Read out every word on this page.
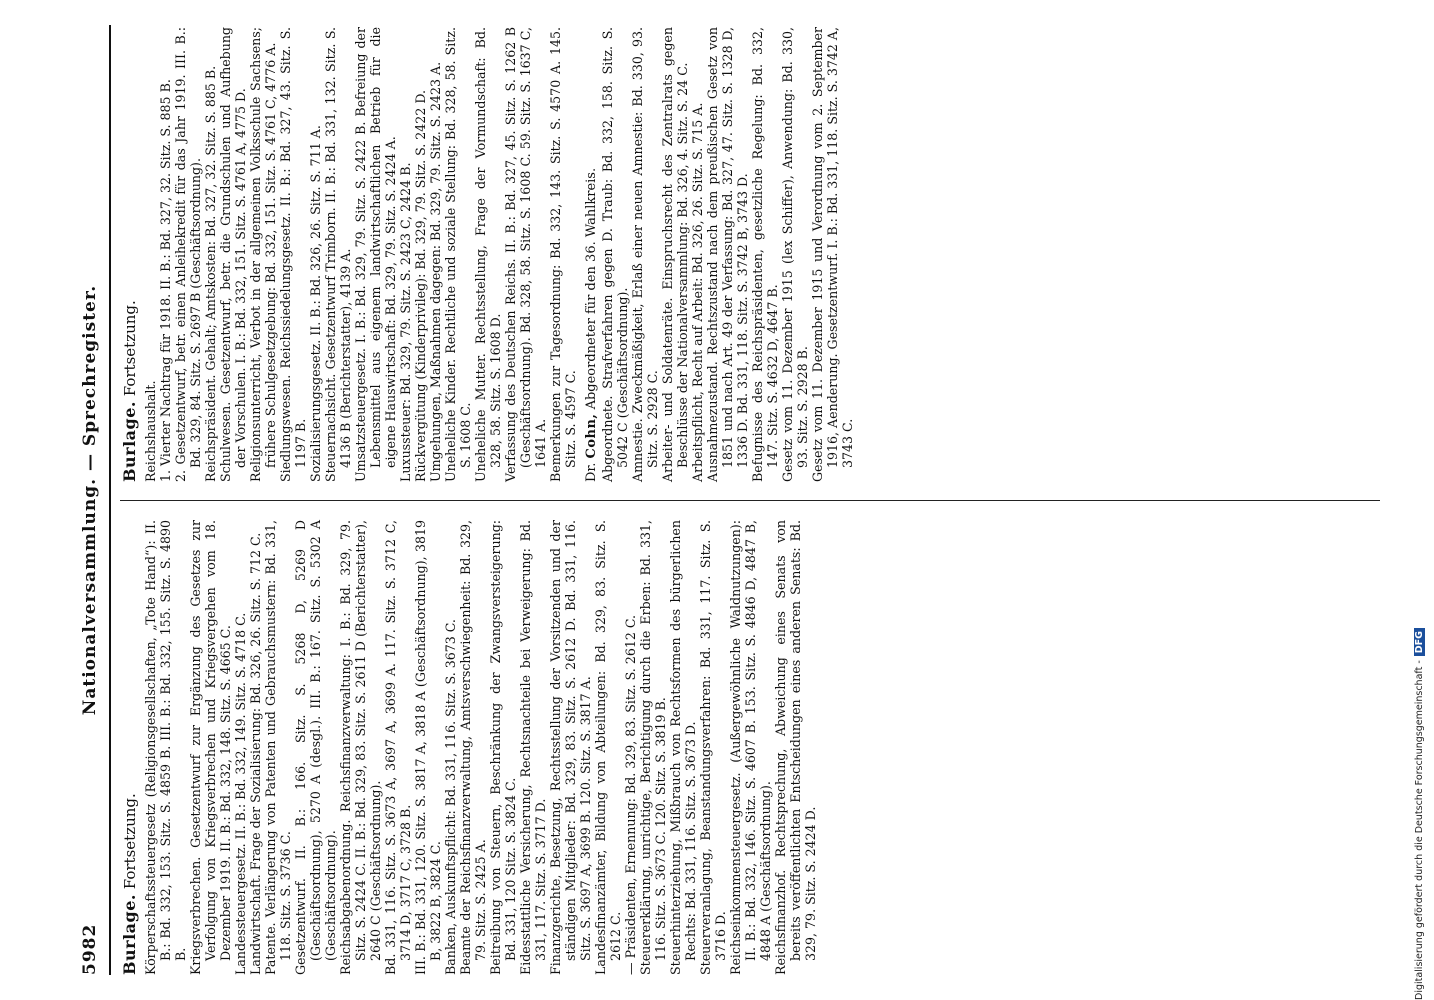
5982
Nationalversammlung. — Sprechregister.
Burlage. Fortsetzung. Körperschaftssteuergesetz (Religionsgesellschaften, „Tote Hand“): II. B.: Bd. 332, 153. Sitz. S. 4859 B. III. B.: Bd. 332, 155. Sitz. S. 4890 B. Kriegsverbrechen. Gesetzentwurf zur Ergänzung des Gesetzes zur Verfolgung von Kriegsverbrechen und Kriegsvergehen vom 18. Dezember 1919. II. B.: Bd. 332, 148. Sitz. S. 4665 C. Landessteuergesetz. II. B.: Bd. 332, 149. Sitz. S. 4718 C. Landwirtschaft. Frage der Sozialisierung: Bd. 326, 26. Sitz. S. 712 C. Patente. Verlängerung von Patenten und Gebrauchsmustern: Bd. 331, 118. Sitz. S. 3736 C. Gesetzentwurf. II. B.: 166. Sitz. S. 5268 D, 5269 D (Geschäftsordnung), 5270 A (desgl.). III. B.: 167. Sitz. S. 5302 A (Geschäftsordnung). Reichsabgabenordnung. Reichsfinanzverwaltung: I. B.: Bd. 329, 79. Sitz. S. 2424 C. II. B.: Bd. 329, 83. Sitz. S. 2611 D (Berichterstatter), 2640 C (Geschäftsordnung). Bd. 331, 116. Sitz. S. 3673 A, 3697 A, 3699 A. 117. Sitz. S. 3712 C, 3714 D, 3717 C, 3728 B. III. B.: Bd. 331, 120. Sitz. S. 3817 A, 3818 A (Geschäftsordnung), 3819 B, 3822 B, 3824 C. Banken, Auskunftspflicht: Bd. 331, 116. Sitz. S. 3673 C. Beamte der Reichsfinanzverwaltung, Amtsverschwiegenheit: Bd. 329, 79. Sitz. S. 2425 A. Beitreibung von Steuern, Beschränkung der Zwangsversteigerung: Bd. 331, 120 Sitz. S. 3824 C. Eidesstattliche Versicherung, Rechtsnachteile bei Verweigerung: Bd. 331, 117. Sitz. S. 3717 D. Finanzgerichte, Besetzung, Rechtsstellung der Vorsitzenden und der ständigen Mitglieder: Bd. 329, 83. Sitz. S. 2612 D. Bd. 331, 116. Sitz. S. 3697 A, 3699 B. 120. Sitz. S. 3817 A. Landesfinanzämter, Bildung von Abteilungen: Bd. 329, 83. Sitz. S. 2612 C. — Präsidenten, Ernennung: Bd. 329, 83. Sitz. S. 2612 C. Steuererklärung, unrichtige, Berichtigung durch die Erben: Bd. 331, 116. Sitz. S. 3673 C. 120. Sitz. S. 3819 B. Steuerhinterziehung, Mißbrauch von Rechtsformen des bürgerlichen Rechts: Bd. 331, 116. Sitz. S. 3673 D. Steuerveranlagung, Beanstandungsverfahren: Bd. 331, 117. Sitz. S. 3716 D. Reichseinkommensteuergesetz. (Außergewöhnliche Waldnutzungen): II. B.: Bd. 332, 146. Sitz. S. 4607 B. 153. Sitz. S. 4846 D, 4847 B, 4848 A (Geschäftsordnung). Reichsfinanzhof. Rechtsprechung, Abweichung eines Senats von bereits veröffentlichten Entscheidungen eines anderen Senats: Bd. 329, 79. Sitz. S. 2424 D.

Burlage. Fortsetzung.

Reichshaushalt. 1. Vierter Nachtrag für 1918. II. B.: Bd. 327, 32. Sitz. S. 885 B. 2. Gesetzentwurf, betr. einen Anleihekredit für das Jahr 1919. III. B.: Bd. 329, 84. Sitz. S. 2697 B (Geschäftsordnung). Reichspräsident. Gehalt; Amtskosten: Bd. 327, 32. Sitz. S. 885 B. Schulwesen. Gesetzentwurf, betr. die Grundschulen und Aufhebung der Vorschulen. I. B.: Bd. 332, 151. Sitz. S. 4761 A, 4775 D. Religionsunterricht, Verbot in der allgemeinen Volksschule Sachsens; frühere Schulgesetzgebung: Bd. 332, 151. Sitz. S. 4761 C, 4776 A. Siedlungswesen. Reichssiedelungsgesetz. II. B.: Bd. 327, 43. Sitz. S. 1197 B. Sozialisierungsgesetz. II. B.: Bd. 326, 26. Sitz. S. 711 A. Steuernachsicht. Gesetzentwurf Trimborn. II. B.: Bd. 331, 132. Sitz. S. 4136 B (Berichterstatter), 4139 A. Umsatzsteuergesetz. I. B.: Bd. 329, 79. Sitz. S. 2422 B. Befreiung der Lebensmittel aus eigenem landwirtschaftlichen Betrieb für die eigene Hauswirtschaft: Bd. 329, 79. Sitz. S. 2424 A. Luxussteuer: Bd. 329, 79. Sitz. S. 2423 C, 2424 B. Rückvergütung (Kinderprivileg): Bd. 329, 79. Sitz. S. 2422 D. Umgehungen, Maßnahmen dagegen: Bd. 329, 79. Sitz. S. 2423 A. Uneheliche Kinder. Rechtliche und soziale Stellung: Bd. 328, 58. Sitz. S. 1608 C. Uneheliche Mutter. Rechtsstellung, Frage der Vormundschaft: Bd. 328, 58. Sitz. S. 1608 D. Verfassung des Deutschen Reichs. II. B.: Bd. 327, 45. Sitz. S. 1262 B (Geschäftsordnung). Bd. 328, 58. Sitz. S. 1608 C. 59. Sitz. S. 1637 C, 1641 A. Bemerkungen zur Tagesordnung: Bd. 332, 143. Sitz. S. 4570 A. 145. Sitz. S. 4597 C.

Dr. Cohn, Abgeordneter für den 36. Wahlkreis. Abgeordnete. Strafverfahren gegen D. Traub: Bd. 332, 158. Sitz. S. 5042 C (Geschäftsordnung). Amnestie. Zweckmäßigkeit, Erlaß einer neuen Amnestie: Bd. 330, 93. Sitz. S. 2928 C. Arbeiter- und Soldatenräte. Einspruchsrecht des Zentralrats gegen Beschlüsse der Nationalversammlung: Bd. 326, 4. Sitz. S. 24 C. Arbeitspflicht, Recht auf Arbeit: Bd. 326, 26. Sitz. S. 715 A. Ausnahmezustand. Rechtszustand nach dem preußischen Gesetz von 1851 und nach Art. 49 der Verfassung: Bd. 327, 47. Sitz. S. 1328 D, 1336 D. Bd. 331, 118. Sitz. S. 3742 B, 3743 D. Befugnisse des Reichspräsidenten, gesetzliche Regelung: Bd. 332, 147. Sitz. S. 4632 D, 4647 B. Gesetz vom 11. Dezember 1915 (lex Schiffer), Anwendung: Bd. 330, 93. Sitz. S. 2928 B. Gesetz vom 11. Dezember 1915 und Verordnung vom 2. September 1916, Aenderung. Gesetzentwurf. I. B.: Bd. 331, 118. Sitz. S. 3742 A, 3743 C.

Digitalisierung gefördert durch die Deutsche Forschungsgemeinschaft -DFG
